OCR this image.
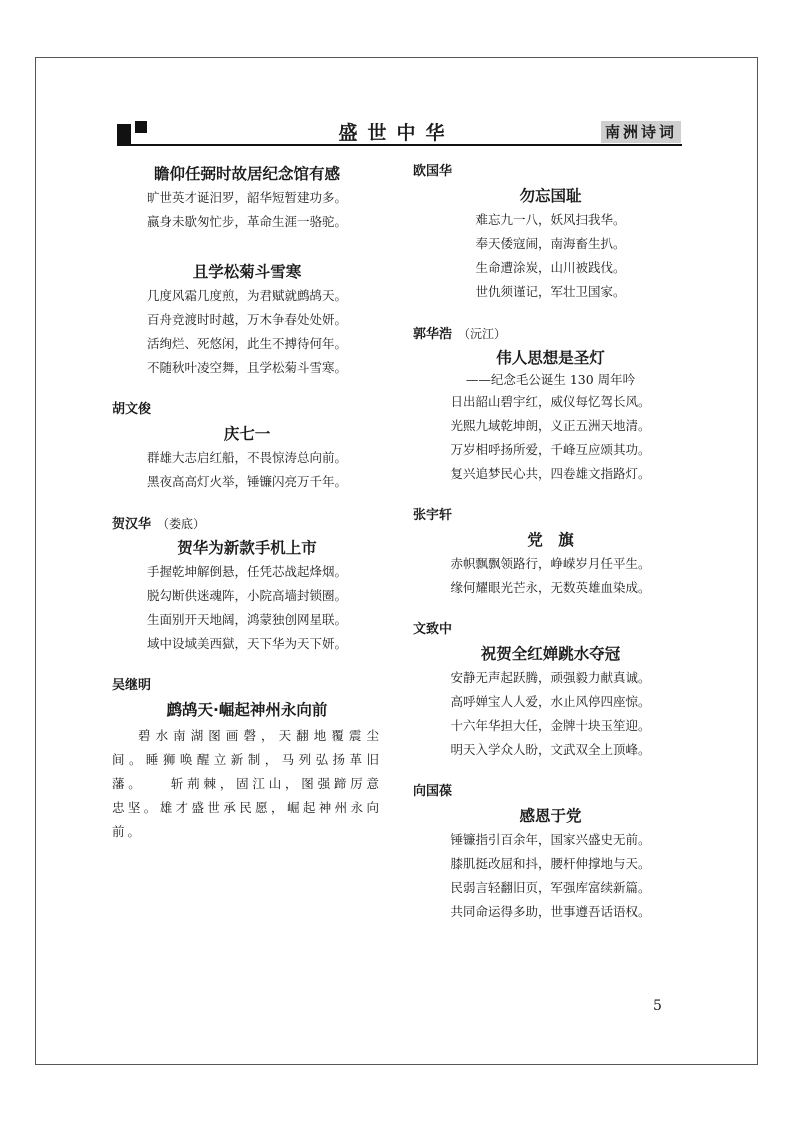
盛世中华	南洲诗词
瞻仰任弼时故居纪念馆有感
旷世英才诞汨罗，韶华短暂建功多。
嬴身未歇匆忙步，革命生涯一骆驼。
且学松菊斗雪寒
几度风霜几度煎，为君赋就鹧鸪天。
百舟竞渡时时越，万木争春处处妍。
活绚烂、死悠闲，此生不搏待何年。
不随秋叶凌空舞，且学松菊斗雪寒。
胡文俊
庆七一
群雄大志启红船，不畏惊涛总向前。
黑夜高高灯火举，锤镰闪亮万千年。
贺汉华 （娄底）
贺华为新款手机上市
手握乾坤解倒悬，任凭芯战起烽烟。
脱勾断供迷魂阵，小院高墙封锁圈。
生面别开天地阔，鸿蒙独创网星联。
域中设域美西獄，天下华为天下妍。
吴继明
鹧鸪天·崛起神州永向前
碧水南湖图画磬，天翻地覆震尘间。睡狮唤醒立新制，马列弘扬革旧藩。　　斩荊棘，固江山，图强蹄厉意忠坚。雄才盛世承民愿，崛起神州永向前。
欧国华
勿忘国耻
难忘九一八，妖风扫我华。
奉天倭寇闹，南海畜生扒。
生命遭涂炭，山川被践伐。
世仇须谨记，军壮卫国家。
郭华浩 （沅江）
伟人思想是圣灯
——纪念毛公诞生 130 周年吟
日出韶山碧宇红，威仪每忆驾长风。
光熙九域乾坤朗，义正五洲天地清。
万岁相呼扬所爱，千峰互应颂其功。
复兴追梦民心共，四卷雄文指路灯。
张宇轩
党　旗
赤帜飘飘领路行，峥嵘岁月任平生。
缘何耀眼光芒永，无数英雄血染成。
文致中
祝贺全红婵跳水夺冠
安静无声起跃腾，顽强毅力献真诚。
高呼婵宝人人爱，水止风停四座惊。
十六年华担大任，金牌十块玉笙迎。
明天入学众人盼，文武双全上顶峰。
向国葆
感恩于党
锤镰指引百余年，国家兴盛史无前。
膝肌挺改屈和抖，腰杆伸撑地与天。
民弱言轻翻旧页，军强库富续新篇。
共同命运得多助，世事遵吾话语权。
5
